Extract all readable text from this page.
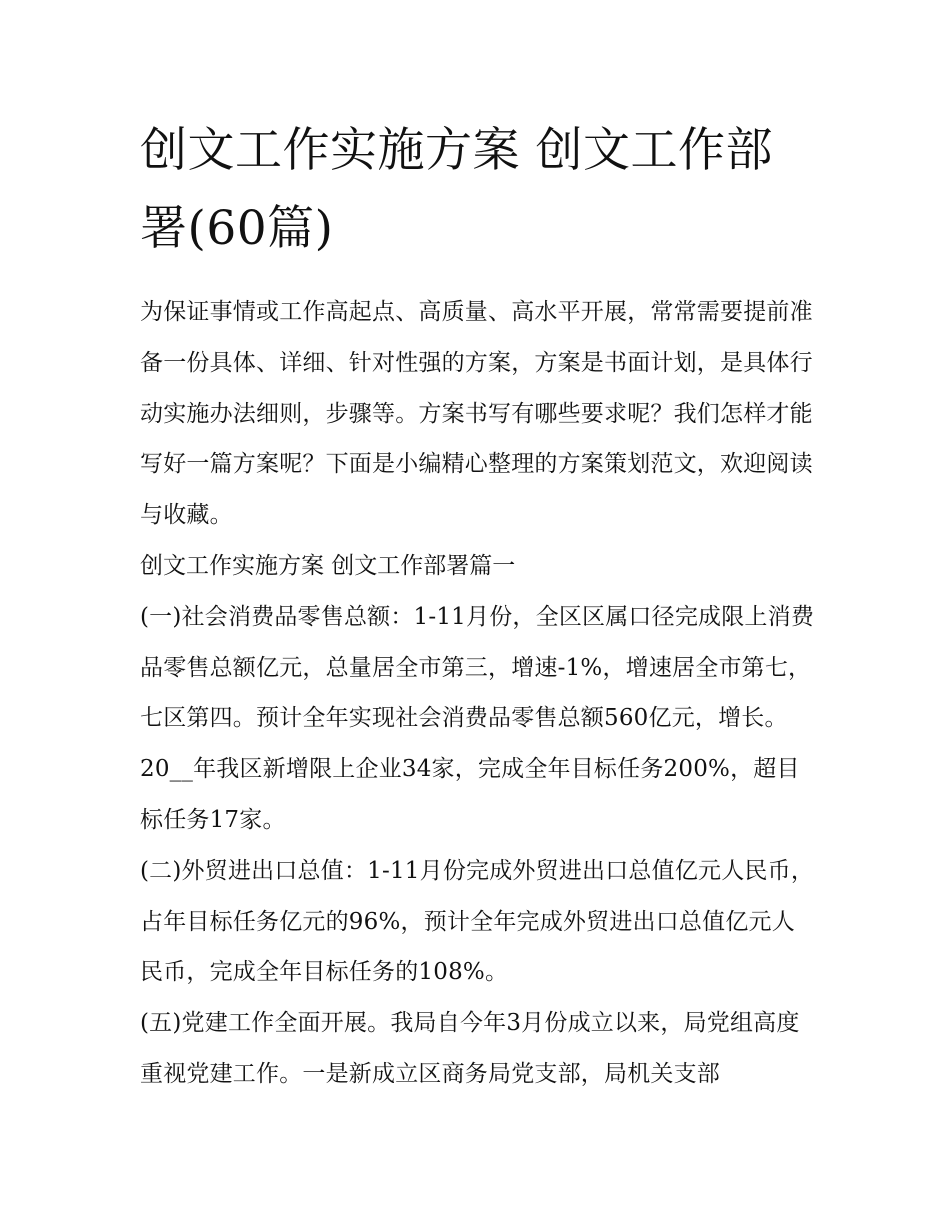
创文工作实施方案 创文工作部署(60篇)

为保证事情或工作高起点、高质量、高水平开展，常常需要提前准备一份具体、详细、针对性强的方案，方案是书面计划，是具体行动实施办法细则，步骤等。方案书写有哪些要求呢？我们怎样才能写好一篇方案呢？下面是小编精心整理的方案策划范文，欢迎阅读与收藏。

创文工作实施方案 创文工作部署篇一

(一)社会消费品零售总额：1-11月份，全区区属口径完成限上消费品零售总额亿元，总量居全市第三，增速-1%，增速居全市第七，七区第四。预计全年实现社会消费品零售总额560亿元，增长。20__年我区新增限上企业34家，完成全年目标任务200%，超目标任务17家。

(二)外贸进出口总值：1-11月份完成外贸进出口总值亿元人民币，占年目标任务亿元的96%，预计全年完成外贸进出口总值亿元人民币，完成全年目标任务的108%。

(五)党建工作全面开展。我局自今年3月份成立以来，局党组高度重视党建工作。一是新成立区商务局党支部，局机关支部
